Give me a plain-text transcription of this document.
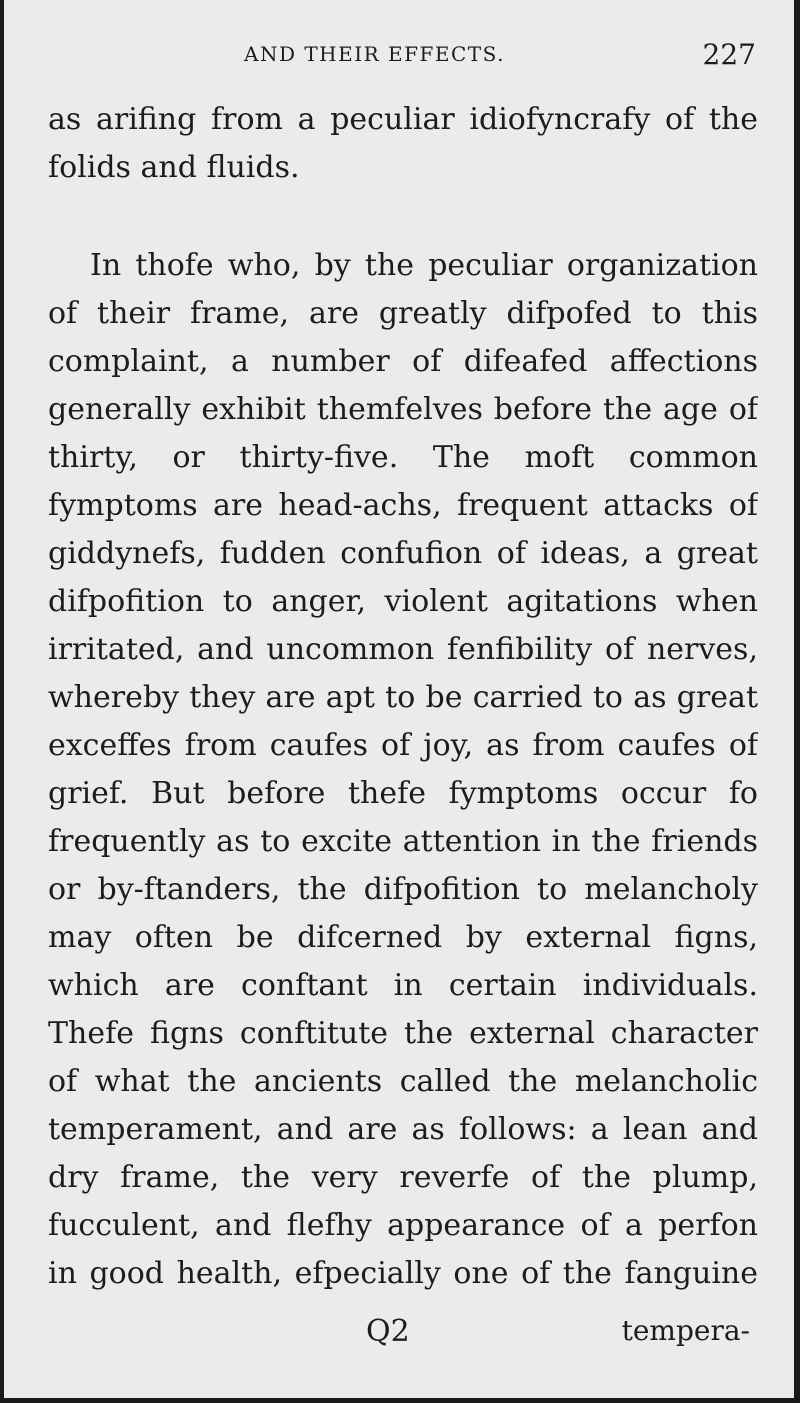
AND THEIR EFFECTS.	227
as arifing from a peculiar idiofyncrafy of the
folids and fluids.
In thofe who, by the peculiar organization
of their frame, are greatly difpofed to this
complaint, a number of difeafed affections
generally exhibit themfelves before the age of
thirty, or thirty-five. The moft common
fymptoms are head-achs, frequent attacks of
giddynefs, fudden confufion of ideas, a great
difpofition to anger, violent agitations when
irritated, and uncommon fenfibility of nerves,
whereby they are apt to be carried to as great
exceffes from caufes of joy, as from caufes of
grief. But before thefe fymptoms occur fo
frequently as to excite attention in the friends
or by-ftanders, the difpofition to melancholy
may often be difcerned by external figns,
which are conftant in certain individuals.
Thefe figns conftitute the external character
of what the ancients called the melancholic
temperament, and are as follows: a lean and
dry frame, the very reverfe of the plump,
fucculent, and flefhy appearance of a perfon
in good health, efpecially one of the fanguine
Q2	tempera-
